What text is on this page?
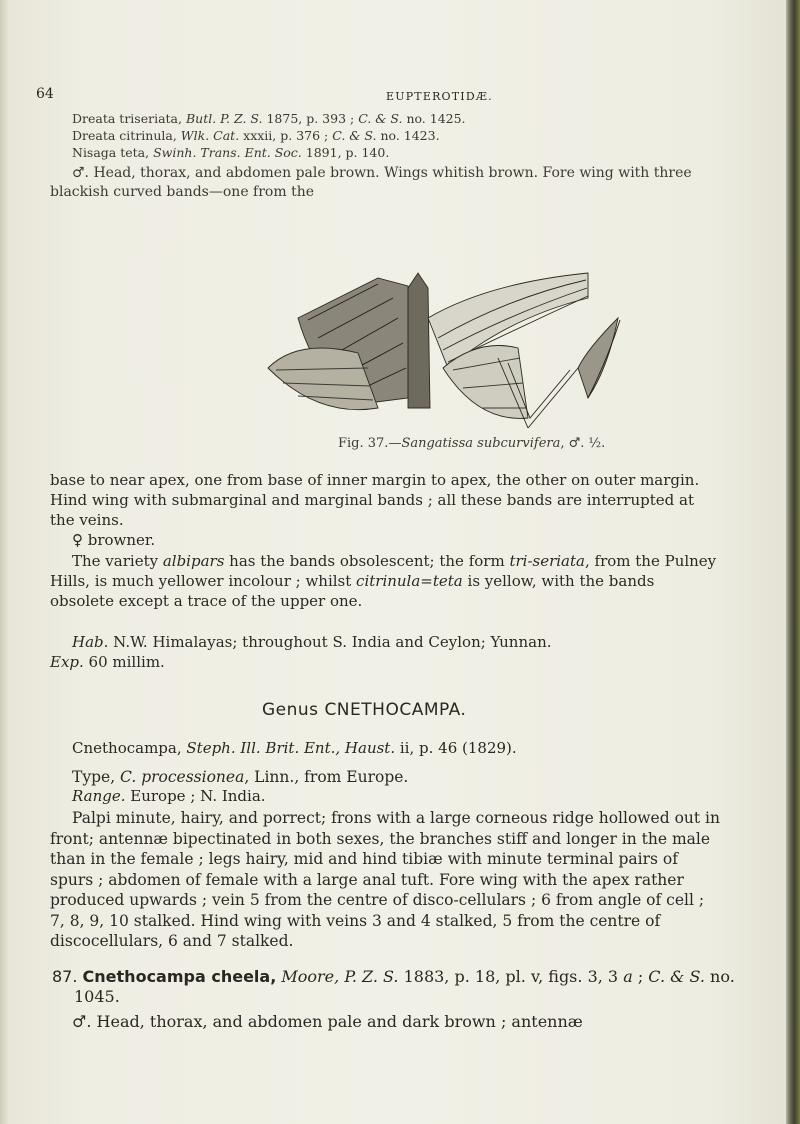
64	EUPTEROTIDÆ.
Dreata triseriata, Butl. P. Z. S. 1875, p. 393 ; C. & S. no. 1425.
Dreata citrinula, Wlk. Cat. xxxii, p. 376 ; C. & S. no. 1423.
Nisaga teta, Swinh. Trans. Ent. Soc. 1891, p. 140.
♂. Head, thorax, and abdomen pale brown. Wings whitish brown. Fore wing with three blackish curved bands—one from the
Fig. 37.—Sangatissa subcurvifera, ♂. ½.
base to near apex, one from base of inner margin to apex, the other on outer margin. Hind wing with submarginal and marginal bands ; all these bands are interrupted at the veins.
♀ browner.
The variety albipars has the bands obsolescent; the form tri-seriata, from the Pulney Hills, is much yellower incolour ; whilst citrinula=teta is yellow, with the bands obsolete except a trace of the upper one.
Hab. N.W. Himalayas; throughout S. India and Ceylon; Yunnan.
Exp. 60 millim.
Genus CNETHOCAMPA.
Cnethocampa, Steph. Ill. Brit. Ent., Haust. ii, p. 46 (1829).
Type, C. processionea, Linn., from Europe.
Range. Europe ; N. India.
Palpi minute, hairy, and porrect; frons with a large corneous ridge hollowed out in front; antennæ bipectinated in both sexes, the branches stiff and longer in the male than in the female ; legs hairy, mid and hind tibiæ with minute terminal pairs of spurs ; abdomen of female with a large anal tuft. Fore wing with the apex rather produced upwards ; vein 5 from the centre of disco-cellulars ; 6 from angle of cell ; 7, 8, 9, 10 stalked. Hind wing with veins 3 and 4 stalked, 5 from the centre of discocellulars, 6 and 7 stalked.
87. Cnethocampa cheela, Moore, P. Z. S. 1883, p. 18, pl. v, figs. 3, 3 a ; C. & S. no. 1045.
♂. Head, thorax, and abdomen pale and dark brown ; antennæ
